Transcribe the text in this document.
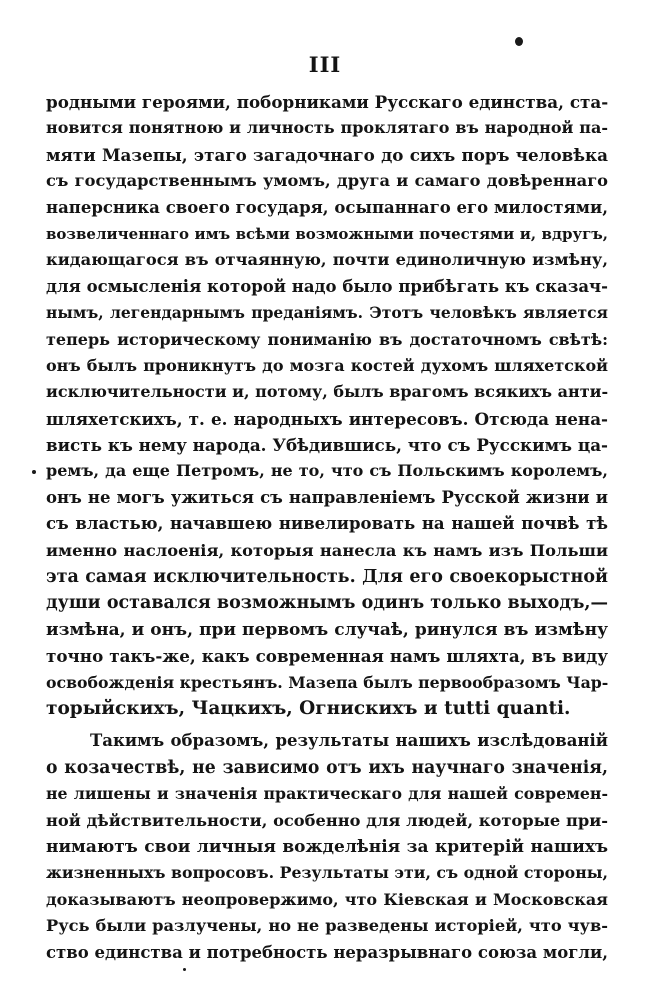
III
родными героями, поборниками Русскаго единства, ста-
новится понятною и личность проклятаго въ народной па-
мяти Мазепы, этаго загадочнаго до сихъ поръ человѣка
съ государственнымъ умомъ, друга и самаго довѣреннаго
наперсника своего государя, осыпаннаго его милостями,
возвеличеннаго имъ всѣми возможными почестями и, вдругъ,
кидающагося въ отчаянную, почти единоличную измѣну,
для осмысленія которой надо было прибѣгать къ сказач-
нымъ, легендарнымъ преданіямъ. Этотъ человѣкъ является
теперь историческому пониманію въ достаточномъ свѣтѣ:
онъ былъ проникнутъ до мозга костей духомъ шляхетской
исключительности и, потому, былъ врагомъ всякихъ анти-
шляхетскихъ, т. е. народныхъ интересовъ. Отсюда нена-
висть къ нему народа. Убѣдившись, что съ Русскимъ ца-
ремъ, да еще Петромъ, не то, что съ Польскимъ королемъ,
онъ не могъ ужиться съ направленіемъ Русской жизни и
съ властью, начавшею нивелировать на нашей почвѣ тѣ
именно наслоенія, которыя нанесла къ намъ изъ Польши
эта самая исключительность. Для его своекорыстной
души оставался возможнымъ одинъ только выходъ,—
измѣна, и онъ, при первомъ случаѣ, ринулся въ измѣну
точно такъ-же, какъ современная намъ шляхта, въ виду
освобожденія крестьянъ. Мазепа былъ первообразомъ Чар-
торыйскихъ, Чацкихъ, Огнискихъ и tutti quanti.
Такимъ образомъ, результаты нашихъ изслѣдованій
о козачествѣ, не зависимо отъ ихъ научнаго значенія,
не лишены и значенія практическаго для нашей современ-
ной дѣйствительности, особенно для людей, которые при-
нимаютъ свои личныя вожделѣнія за критерій нашихъ
жизненныхъ вопросовъ. Результаты эти, съ одной стороны,
доказываютъ неопровержимо, что Кіевская и Московская
Русь были разлучены, но не разведены исторіей, что чув-
ство единства и потребность неразрывнаго союза могли,
